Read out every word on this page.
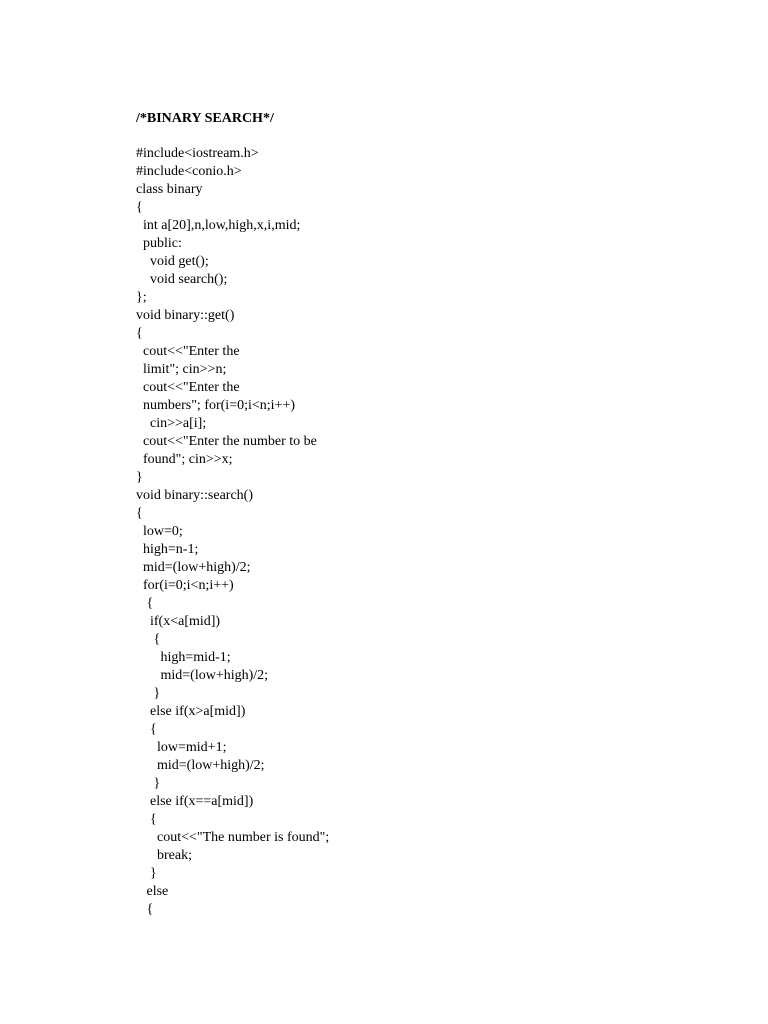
/*BINARY SEARCH*/
#include<iostream.h>
#include<conio.h>
class binary
{
int a[20],n,low,high,x,i,mid;
public:
void get();
void search();
};
void binary::get()
{
cout<<"Enter the
limit"; cin>>n;
cout<<"Enter the
numbers"; for(i=0;i<n;i++)
cin>>a[i];
cout<<"Enter the number to be
found"; cin>>x;
}
void binary::search()
{
low=0;
high=n-1;
mid=(low+high)/2;
for(i=0;i<n;i++)
{
if(x<a[mid])
{
high=mid-1;
mid=(low+high)/2;
}
else if(x>a[mid])
{
low=mid+1;
mid=(low+high)/2;
}
else if(x==a[mid])
{
cout<<"The number is found";
break;
}
else
{
